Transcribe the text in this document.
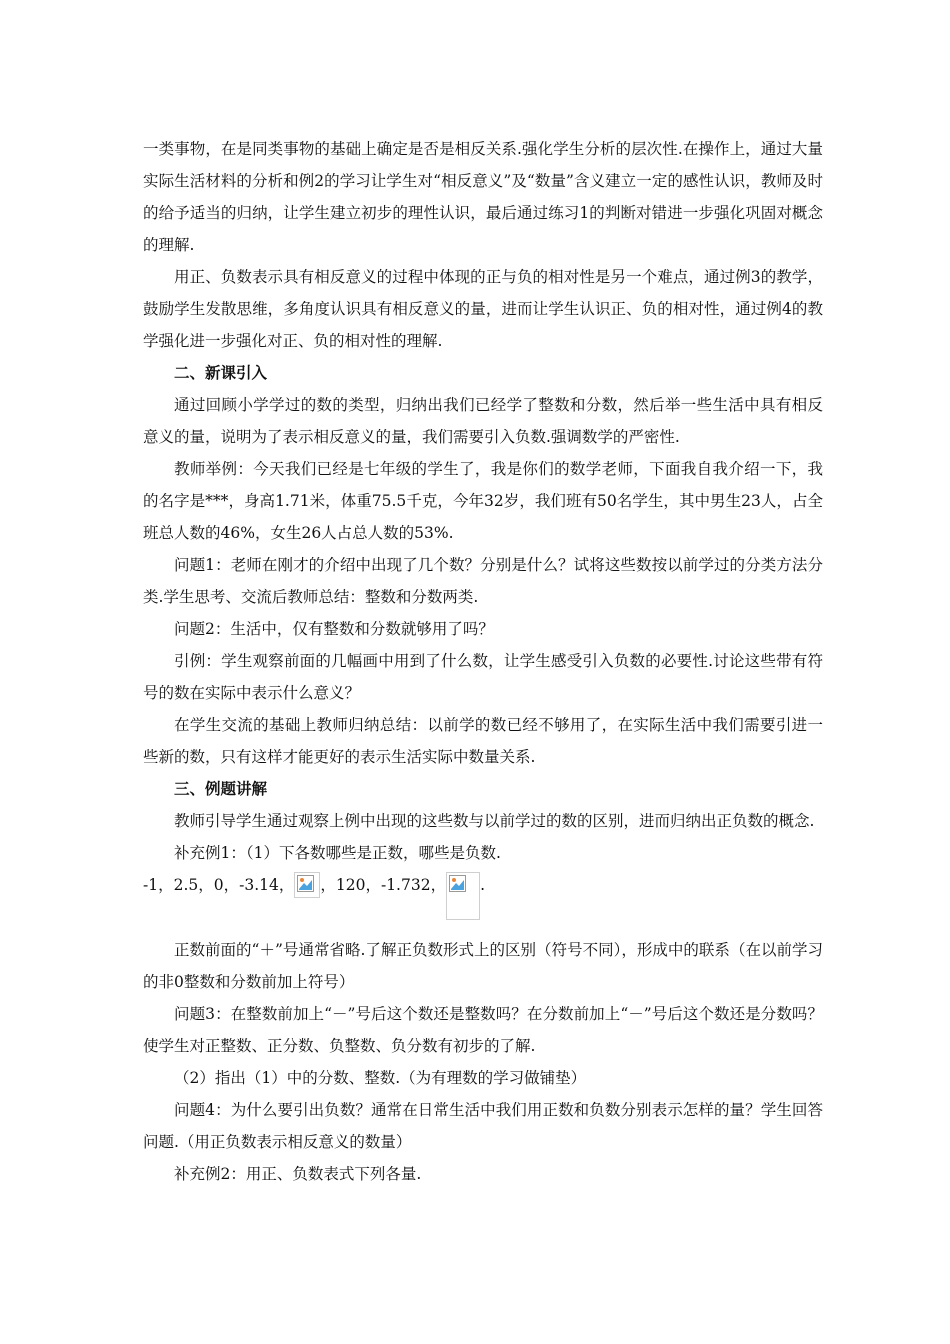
一类事物，在是同类事物的基础上确定是否是相反关系.强化学生分析的层次性.在操作上，通过大量实际生活材料的分析和例2的学习让学生对“相反意义”及“数量”含义建立一定的感性认识，教师及时的给予适当的归纳，让学生建立初步的理性认识，最后通过练习1的判断对错进一步强化巩固对概念的理解.

用正、负数表示具有相反意义的过程中体现的正与负的相对性是另一个难点，通过例3的教学，鼓励学生发散思维，多角度认识具有相反意义的量，进而让学生认识正、负的相对性，通过例4的教学强化进一步强化对正、负的相对性的理解.

二、新课引入

通过回顾小学学过的数的类型，归纳出我们已经学了整数和分数，然后举一些生活中具有相反意义的量，说明为了表示相反意义的量，我们需要引入负数.强调数学的严密性.

教师举例：今天我们已经是七年级的学生了，我是你们的数学老师，下面我自我介绍一下，我的名字是***，身高1.71米，体重75.5千克，今年32岁，我们班有50名学生，其中男生23人，占全班总人数的46%，女生26人占总人数的53%.

问题1：老师在刚才的介绍中出现了几个数？分别是什么？试将这些数按以前学过的分类方法分类.学生思考、交流后教师总结：整数和分数两类.

问题2：生活中，仅有整数和分数就够用了吗？

引例：学生观察前面的几幅画中用到了什么数，让学生感受引入负数的必要性.讨论这些带有符号的数在实际中表示什么意义？

在学生交流的基础上教师归纳总结：以前学的数已经不够用了，在实际生活中我们需要引进一些新的数，只有这样才能更好的表示生活实际中数量关系.

三、例题讲解

教师引导学生通过观察上例中出现的这些数与以前学过的数的区别，进而归纳出正负数的概念.

补充例1：（1）下各数哪些是正数，哪些是负数.

-1，2.5，0，-3.14， ，120，-1.732， .

正数前面的“＋”号通常省略.了解正负数形式上的区别（符号不同），形成中的联系（在以前学习的非0整数和分数前加上符号）

问题3：在整数前加上“－”号后这个数还是整数吗？在分数前加上“－”号后这个数还是分数吗？ 使学生对正整数、正分数、负整数、负分数有初步的了解.

（2）指出（1）中的分数、整数.（为有理数的学习做铺垫）

问题4：为什么要引出负数？通常在日常生活中我们用正数和负数分别表示怎样的量？学生回答问题.（用正负数表示相反意义的数量）

补充例2：用正、负数表式下列各量.
